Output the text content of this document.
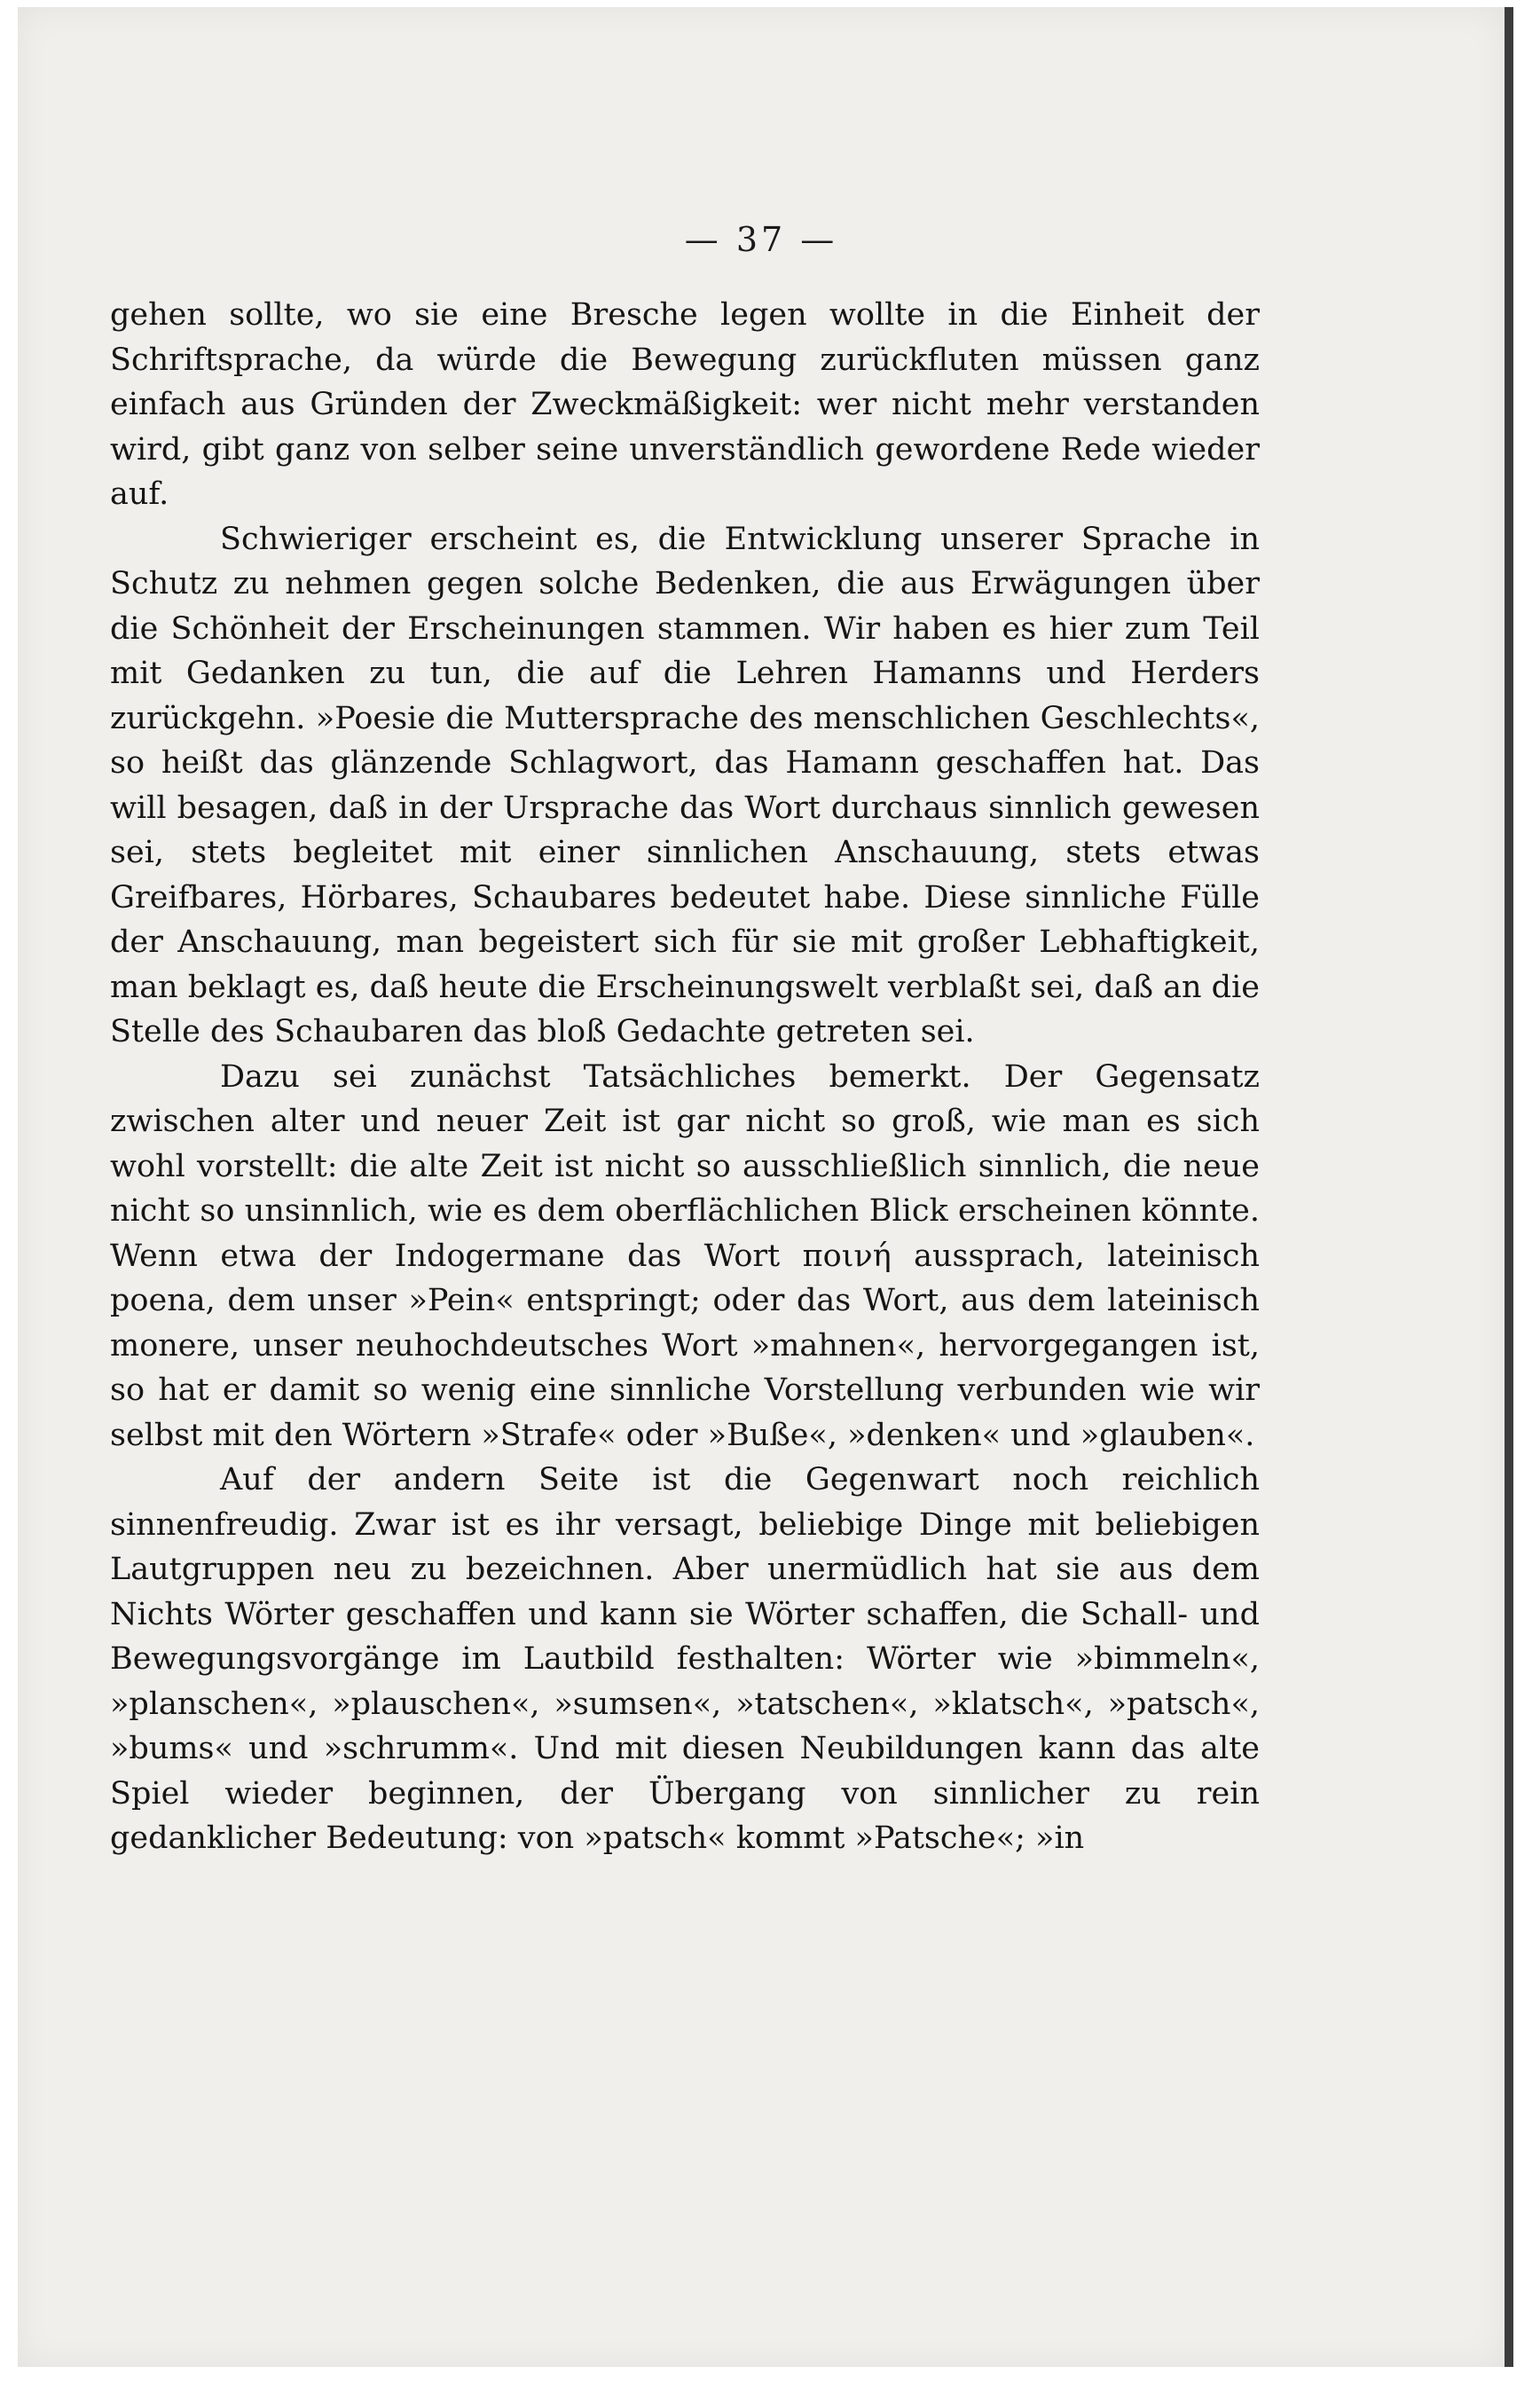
— 37 —

gehen sollte, wo sie eine Bresche legen wollte in die Einheit der Schriftsprache, da würde die Bewegung zurückfluten müssen ganz einfach aus Gründen der Zweckmäßigkeit: wer nicht mehr verstanden wird, gibt ganz von selber seine unverständlich gewordene Rede wieder auf.

Schwieriger erscheint es, die Entwicklung unserer Sprache in Schutz zu nehmen gegen solche Bedenken, die aus Erwägungen über die Schönheit der Erscheinungen stammen. Wir haben es hier zum Teil mit Gedanken zu tun, die auf die Lehren Hamanns und Herders zurückgehn. »Poesie die Muttersprache des menschlichen Geschlechts«, so heißt das glänzende Schlagwort, das Hamann geschaffen hat. Das will besagen, daß in der Ursprache das Wort durchaus sinnlich gewesen sei, stets begleitet mit einer sinnlichen Anschauung, stets etwas Greifbares, Hörbares, Schaubares bedeutet habe. Diese sinnliche Fülle der Anschauung, man begeistert sich für sie mit großer Lebhaftigkeit, man beklagt es, daß heute die Erscheinungswelt verblaßt sei, daß an die Stelle des Schaubaren das bloß Gedachte getreten sei.

Dazu sei zunächst Tatsächliches bemerkt. Der Gegensatz zwischen alter und neuer Zeit ist gar nicht so groß, wie man es sich wohl vorstellt: die alte Zeit ist nicht so ausschließlich sinnlich, die neue nicht so unsinnlich, wie es dem oberflächlichen Blick erscheinen könnte. Wenn etwa der Indogermane das Wort ποινή aussprach, lateinisch poena, dem unser »Pein« entspringt; oder das Wort, aus dem lateinisch monere, unser neuhochdeutsches Wort »mahnen«, hervorgegangen ist, so hat er damit so wenig eine sinnliche Vorstellung verbunden wie wir selbst mit den Wörtern »Strafe« oder »Buße«, »denken« und »glauben«.

Auf der andern Seite ist die Gegenwart noch reichlich sinnenfreudig. Zwar ist es ihr versagt, beliebige Dinge mit beliebigen Lautgruppen neu zu bezeichnen. Aber unermüdlich hat sie aus dem Nichts Wörter geschaffen und kann sie Wörter schaffen, die Schall- und Bewegungsvorgänge im Lautbild festhalten: Wörter wie »bimmeln«, »planschen«, »plauschen«, »sumsen«, »tatschen«, »klatsch«, »patsch«, »bums« und »schrumm«. Und mit diesen Neubildungen kann das alte Spiel wieder beginnen, der Übergang von sinnlicher zu rein gedanklicher Bedeutung: von »patsch« kommt »Patsche«; »in
